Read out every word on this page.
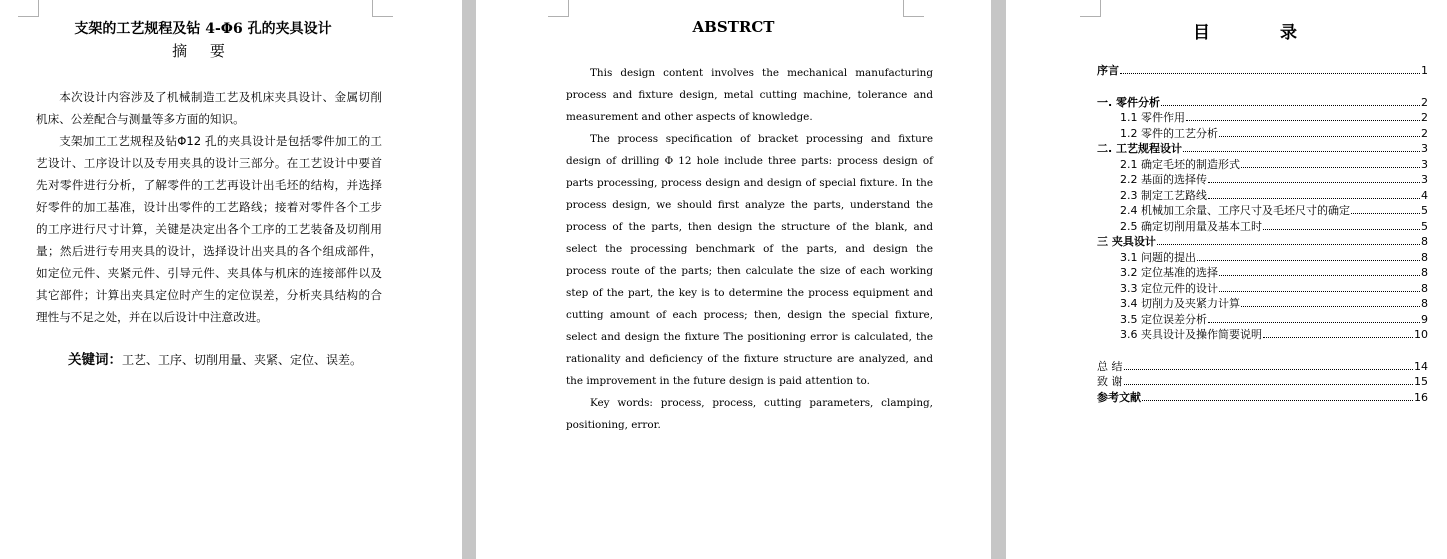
支架的工艺规程及钻 4-Φ6 孔的夹具设计
摘 要

本次设计内容涉及了机械制造工艺及机床夹具设计、金属切削机床、公差配合与测量等多方面的知识。

支架加工工艺规程及钻Φ12 孔的夹具设计是包括零件加工的工艺设计、工序设计以及专用夹具的设计三部分。在工艺设计中要首先对零件进行分析，了解零件的工艺再设计出毛坯的结构，并选择好零件的加工基准，设计出零件的工艺路线；接着对零件各个工步的工序进行尺寸计算，关键是决定出各个工序的工艺装备及切削用量；然后进行专用夹具的设计，选择设计出夹具的各个组成部件，如定位元件、夹紧元件、引导元件、夹具体与机床的连接部件以及其它部件；计算出夹具定位时产生的定位误差，分析夹具结构的合理性与不足之处，并在以后设计中注意改进。

关键词：工艺、工序、切削用量、夹紧、定位、误差。
ABSTRCT

This design content involves the mechanical manufacturing process and fixture design, metal cutting machine, tolerance and measurement and other aspects of knowledge.

The process specification of bracket processing and fixture design of drilling Φ 12 hole include three parts: process design of parts processing, process design and design of special fixture. In the process design, we should first analyze the parts, understand the process of the parts, then design the structure of the blank, and select the processing benchmark of the parts, and design the process route of the parts; then calculate the size of each working step of the part, the key is to determine the process equipment and cutting amount of each process; then, design the special fixture, select and design the fixture The positioning error is calculated, the rationality and deficiency of the fixture structure are analyzed, and the improvement in the future design is paid attention to.

Key words: process, process, cutting parameters, clamping, positioning, error.

目 录
序言	1
一. 零件分析	2
1.1 零件作用	2
1.2 零件的工艺分析	2
二. 工艺规程设计	3
2.1 确定毛坯的制造形式	3
2.2 基面的选择传	3
2.3 制定工艺路线	4
2.4 机械加工余量、工序尺寸及毛坯尺寸的确定	5
2.5 确定切削用量及基本工时	5
三 夹具设计	8
3.1 问题的提出	8
3.2 定位基准的选择	8
3.3 定位元件的设计	8
3.4 切削力及夹紧力计算	8
3.5 定位误差分析	9
3.6 夹具设计及操作简要说明	10
总 结	14
致 谢	15
参考文献	16
